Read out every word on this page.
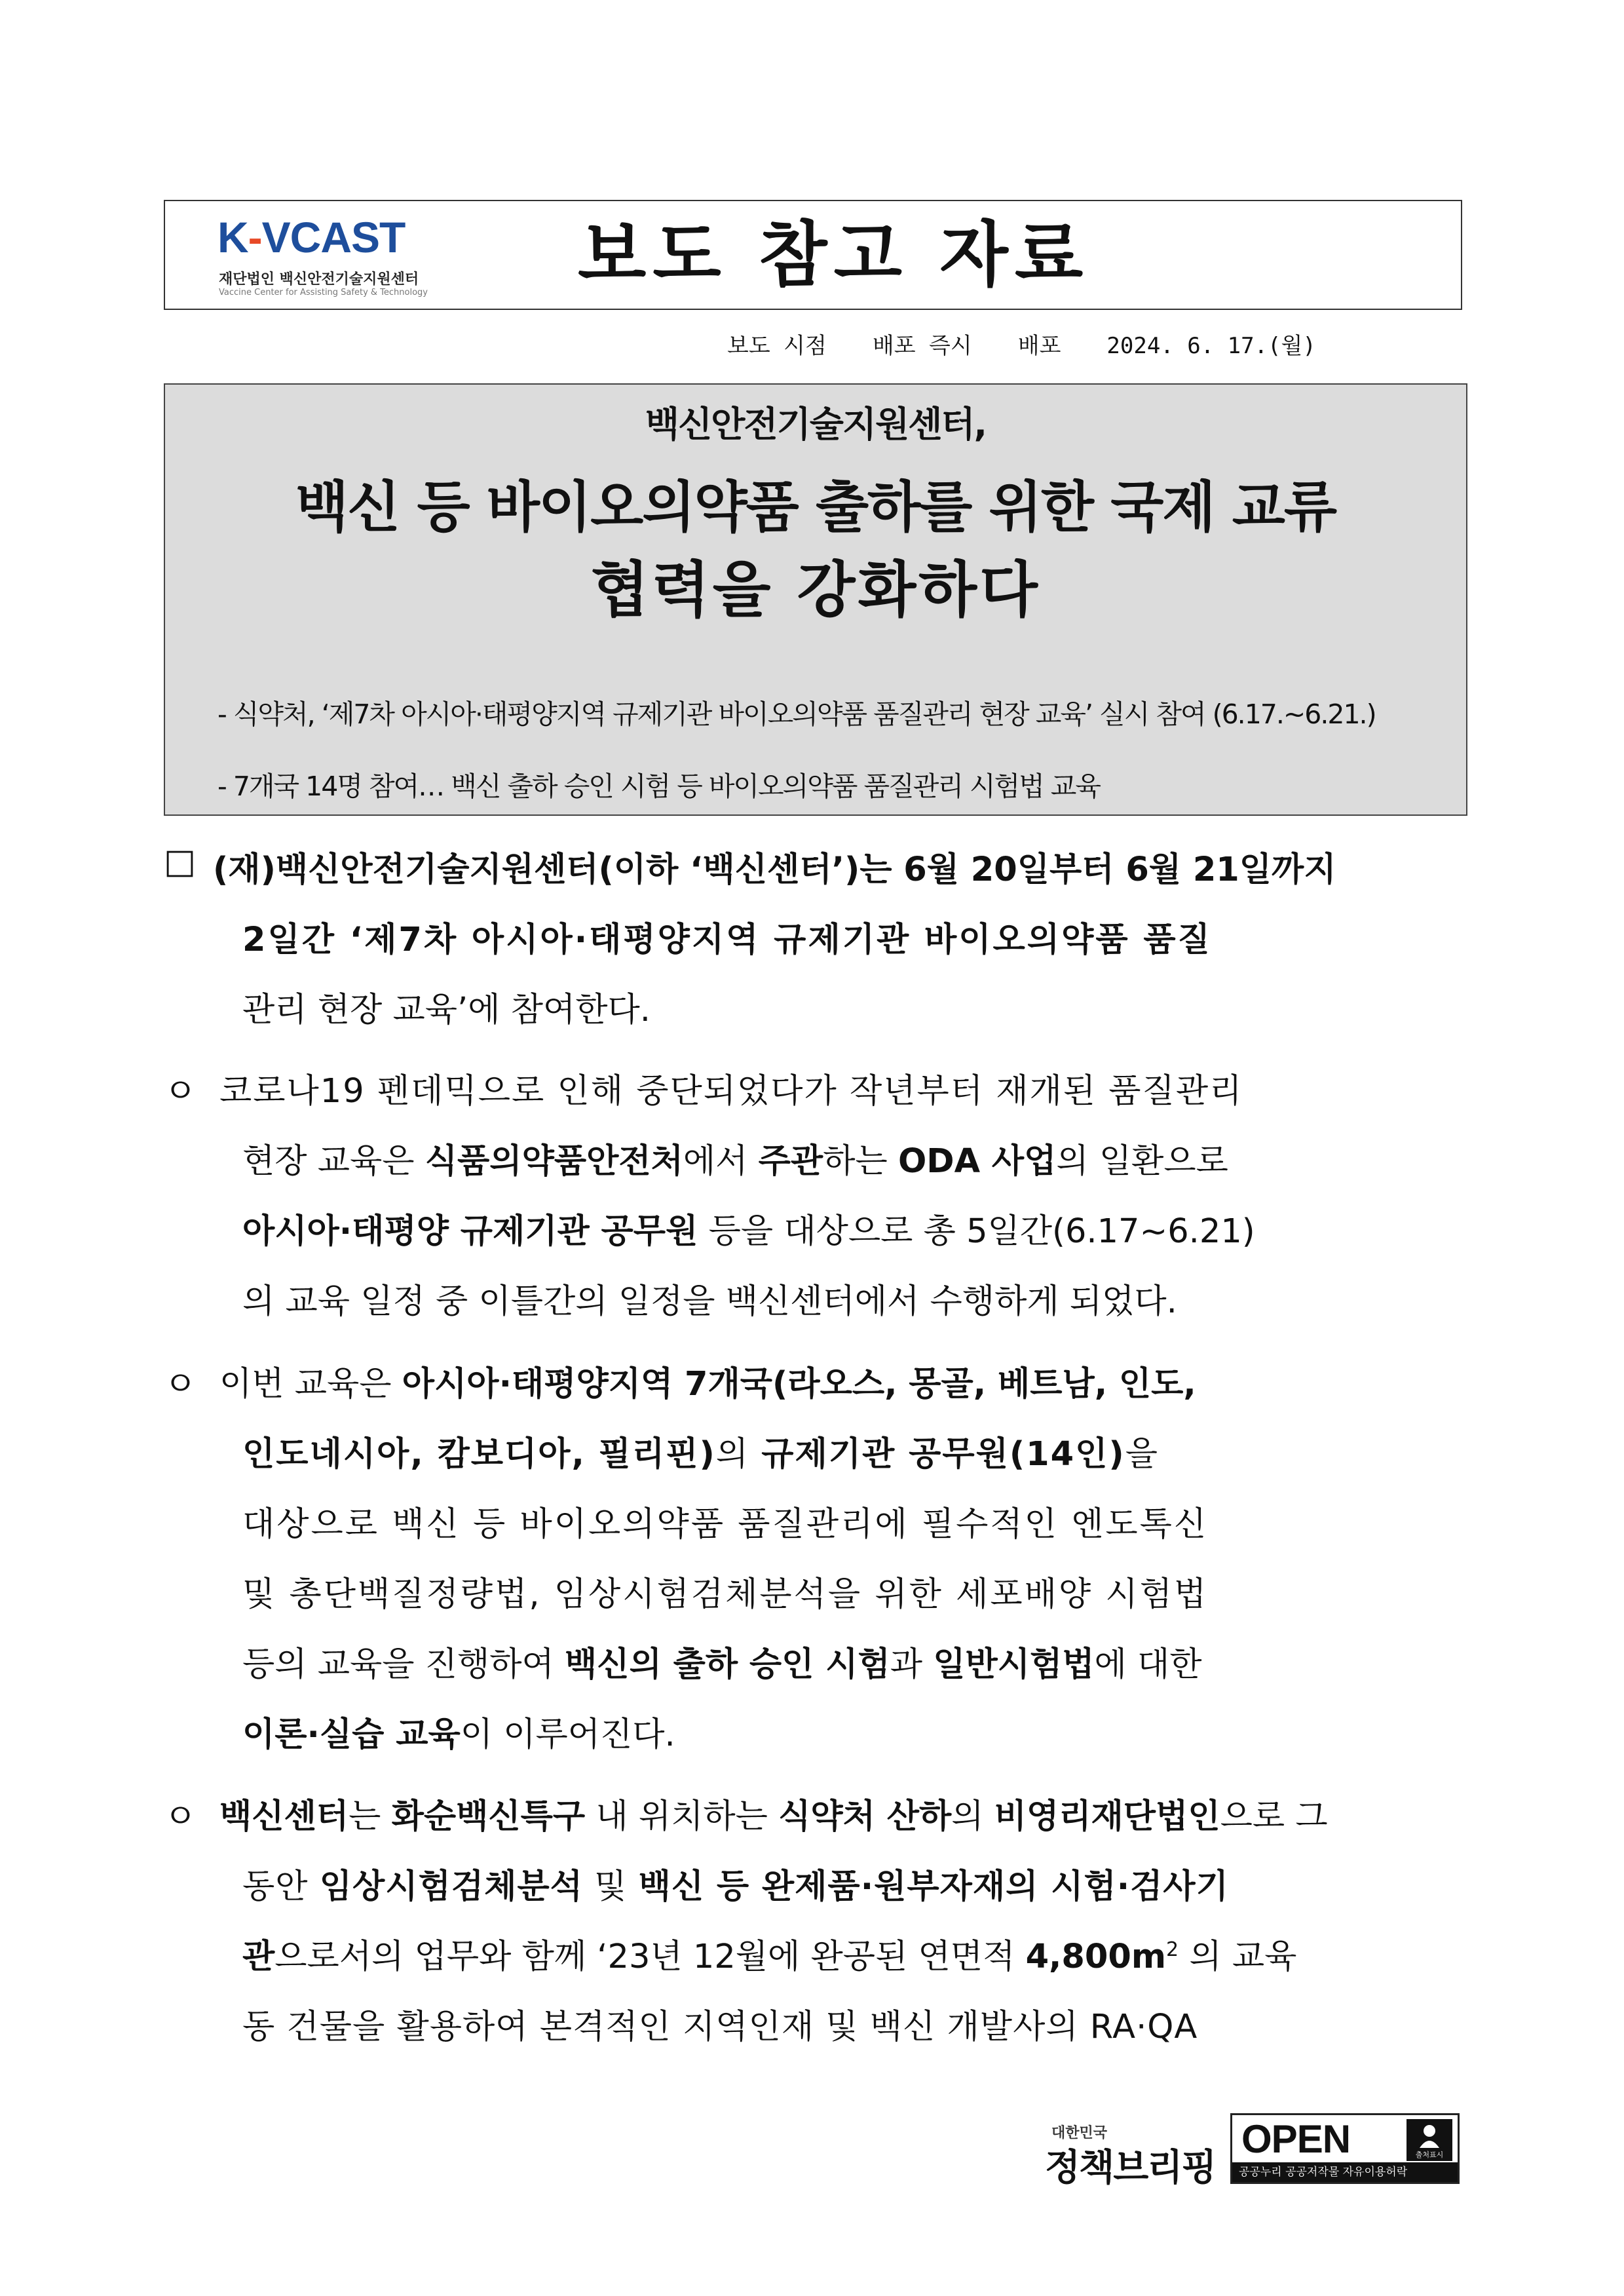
K-VCAST
재단법인 백신안전기술지원센터
Vaccine Center for Assisting Safety & Technology 보도 참고 자료
보도 시점 배포 즉시 배포 2024. 6. 17.(월)
백신안전기술지원센터,
백신 등 바이오의약품 출하를 위한 국제 교류
협력을 강화하다
- 식약처, ‘제7차 아시아·태평양지역 규제기관 바이오의약품 품질관리 현장 교육’ 실시 참여 (6.17.~6.21.)
- 7개국 14명 참여… 백신 출하 승인 시험 등 바이오의약품 품질관리 시험법 교육
□ (재)백신안전기술지원센터(이하 ‘백신센터’)는 6월 20일부터 6월 21일까지
2일간 ‘제7차 아시아·태평양지역 규제기관 바이오의약품 품질
관리 현장 교육’에 참여한다.
ㅇ 코로나19 펜데믹으로 인해 중단되었다가 작년부터 재개된 품질관리
현장 교육은 식품의약품안전처에서 주관하는 ODA 사업의 일환으로
아시아·태평양 규제기관 공무원 등을 대상으로 총 5일간(6.17~6.21)
의 교육 일정 중 이틀간의 일정을 백신센터에서 수행하게 되었다.
ㅇ 이번 교육은 아시아·태평양지역 7개국(라오스, 몽골, 베트남, 인도,
인도네시아, 캄보디아, 필리핀)의 규제기관 공무원(14인)을
대상으로 백신 등 바이오의약품 품질관리에 필수적인 엔도톡신
및 총단백질정량법, 임상시험검체분석을 위한 세포배양 시험법
등의 교육을 진행하여 백신의 출하 승인 시험과 일반시험법에 대한
이론·실습 교육이 이루어진다.
ㅇ 백신센터는 화순백신특구 내 위치하는 식약처 산하의 비영리재단법인으로 그
동안 임상시험검체분석 및 백신 등 완제품·원부자재의 시험·검사기
관으로서의 업무와 함께 ‘23년 12월에 완공된 연면적 $4,800m^2$ 의 교육
동 건물을 활용하여 본격적인 지역인재 및 백신 개발사의 RA·QA
대한민국
정책브리핑
OPEN	출처표시
공공누리 공공저작물 자유이용허락
